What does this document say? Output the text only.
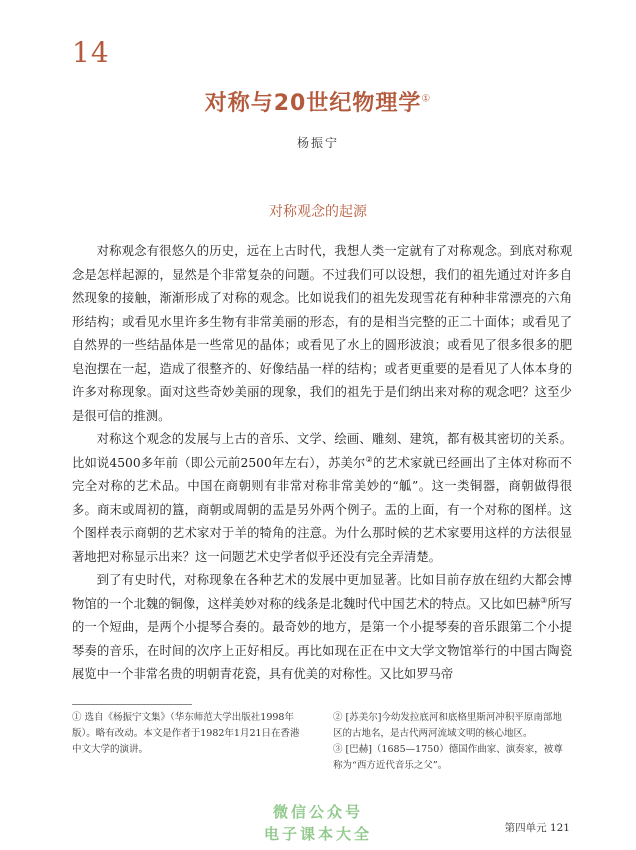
14
对称与20世纪物理学①
杨振宁
对称观念的起源

对称观念有很悠久的历史，远在上古时代，我想人类一定就有了对称观念。到底对称观念是怎样起源的，显然是个非常复杂的问题。不过我们可以设想，我们的祖先通过对许多自然现象的接触，渐渐形成了对称的观念。比如说我们的祖先发现雪花有种种非常漂亮的六角形结构；或看见水里许多生物有非常美丽的形态，有的是相当完整的正二十面体；或看见了自然界的一些结晶体是一些常见的晶体；或看见了水上的圆形波浪；或看见了很多很多的肥皂泡摆在一起，造成了很整齐的、好像结晶一样的结构；或者更重要的是看见了人体本身的许多对称现象。面对这些奇妙美丽的现象，我们的祖先于是们纳出来对称的观念吧？这至少是很可信的推测。

对称这个观念的发展与上古的音乐、文学、绘画、雕刻、建筑，都有极其密切的关系。比如说4500多年前（即公元前2500年左右），苏美尔②的艺术家就已经画出了主体对称而不完全对称的艺术品。中国在商朝则有非常对称非常美妙的“觚”。这一类铜器，商朝做得很多。商末或周初的簋，商朝或周朝的盂是另外两个例子。盂的上面，有一个对称的图样。这个图样表示商朝的艺术家对于羊的犄角的注意。为什么那时候的艺术家要用这样的方法很显著地把对称显示出来？这一问题艺术史学者似乎还没有完全弄清楚。

到了有史时代，对称现象在各种艺术的发展中更加显著。比如目前存放在纽约大都会博物馆的一个北魏的铜像，这样美妙对称的线条是北魏时代中国艺术的特点。又比如巴赫③所写的一个短曲，是两个小提琴合奏的。最奇妙的地方，是第一个小提琴奏的音乐跟第二个小提琴奏的音乐，在时间的次序上正好相反。再比如现在正在中文大学文物馆举行的中国古陶瓷展览中一个非常名贵的明朝青花瓷，具有优美的对称性。又比如罗马帝

① 选自《杨振宁文集》（华东师范大学出版社1998年版）。略有改动。本文是作者于1982年1月21日在香港中文大学的演讲。

② [苏美尔]今幼发拉底河和底格里斯河冲积平原南部地区的古地名，是古代两河流域文明的核心地区。

③ [巴赫]（1685—1750）德国作曲家、演奏家，被尊称为“西方近代音乐之父”。

微信公众号
电子课本大全	第四单元 121
